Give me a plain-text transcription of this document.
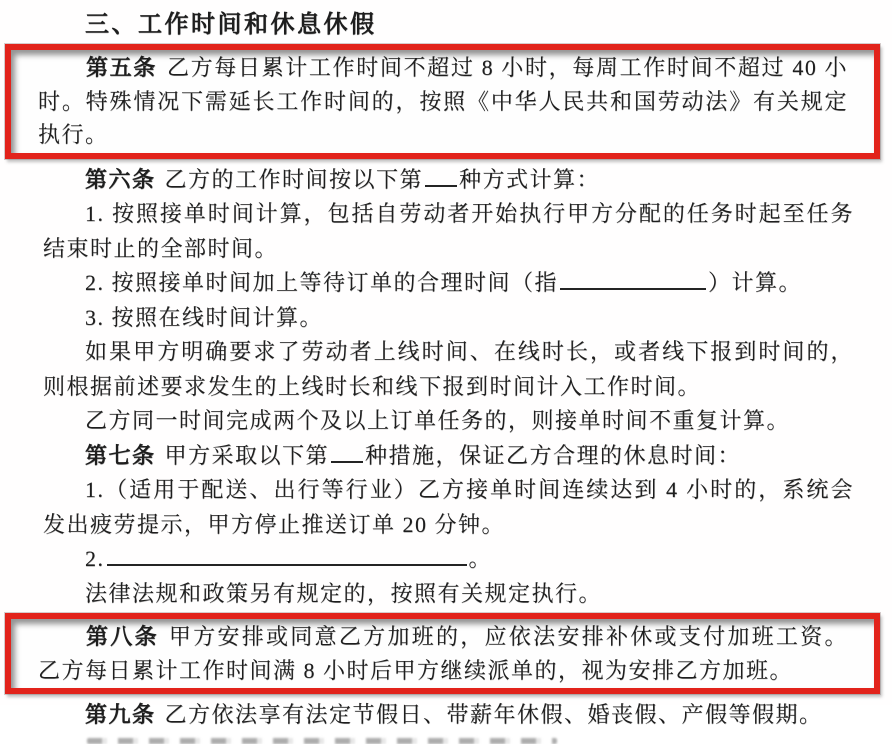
三、工作时间和休息休假
第五条 乙方每日累计工作时间不超过 8 小时，每周工作时间不超过 40 小时。特殊情况下需延长工作时间的，按照《中华人民共和国劳动法》有关规定执行。
第六条 乙方的工作时间按以下第 种方式计算：
1. 按照接单时间计算，包括自劳动者开始执行甲方分配的任务时起至任务结束时止的全部时间。
2. 按照接单时间加上等待订单的合理时间（指	）计算。
3. 按照在线时间计算。
如果甲方明确要求了劳动者上线时间、在线时长，或者线下报到时间的，则根据前述要求发生的上线时长和线下报到时间计入工作时间。
乙方同一时间完成两个及以上订单任务的，则接单时间不重复计算。
第七条 甲方采取以下第 种措施，保证乙方合理的休息时间：
1.（适用于配送、出行等行业）乙方接单时间连续达到 4 小时的，系统会发出疲劳提示，甲方停止推送订单 20 分钟。
2.	。
法律法规和政策另有规定的，按照有关规定执行。
第八条 甲方安排或同意乙方加班的，应依法安排补休或支付加班工资。乙方每日累计工作时间满 8 小时后甲方继续派单的，视为安排乙方加班。
第九条 乙方依法享有法定节假日、带薪年休假、婚丧假、产假等假期。
